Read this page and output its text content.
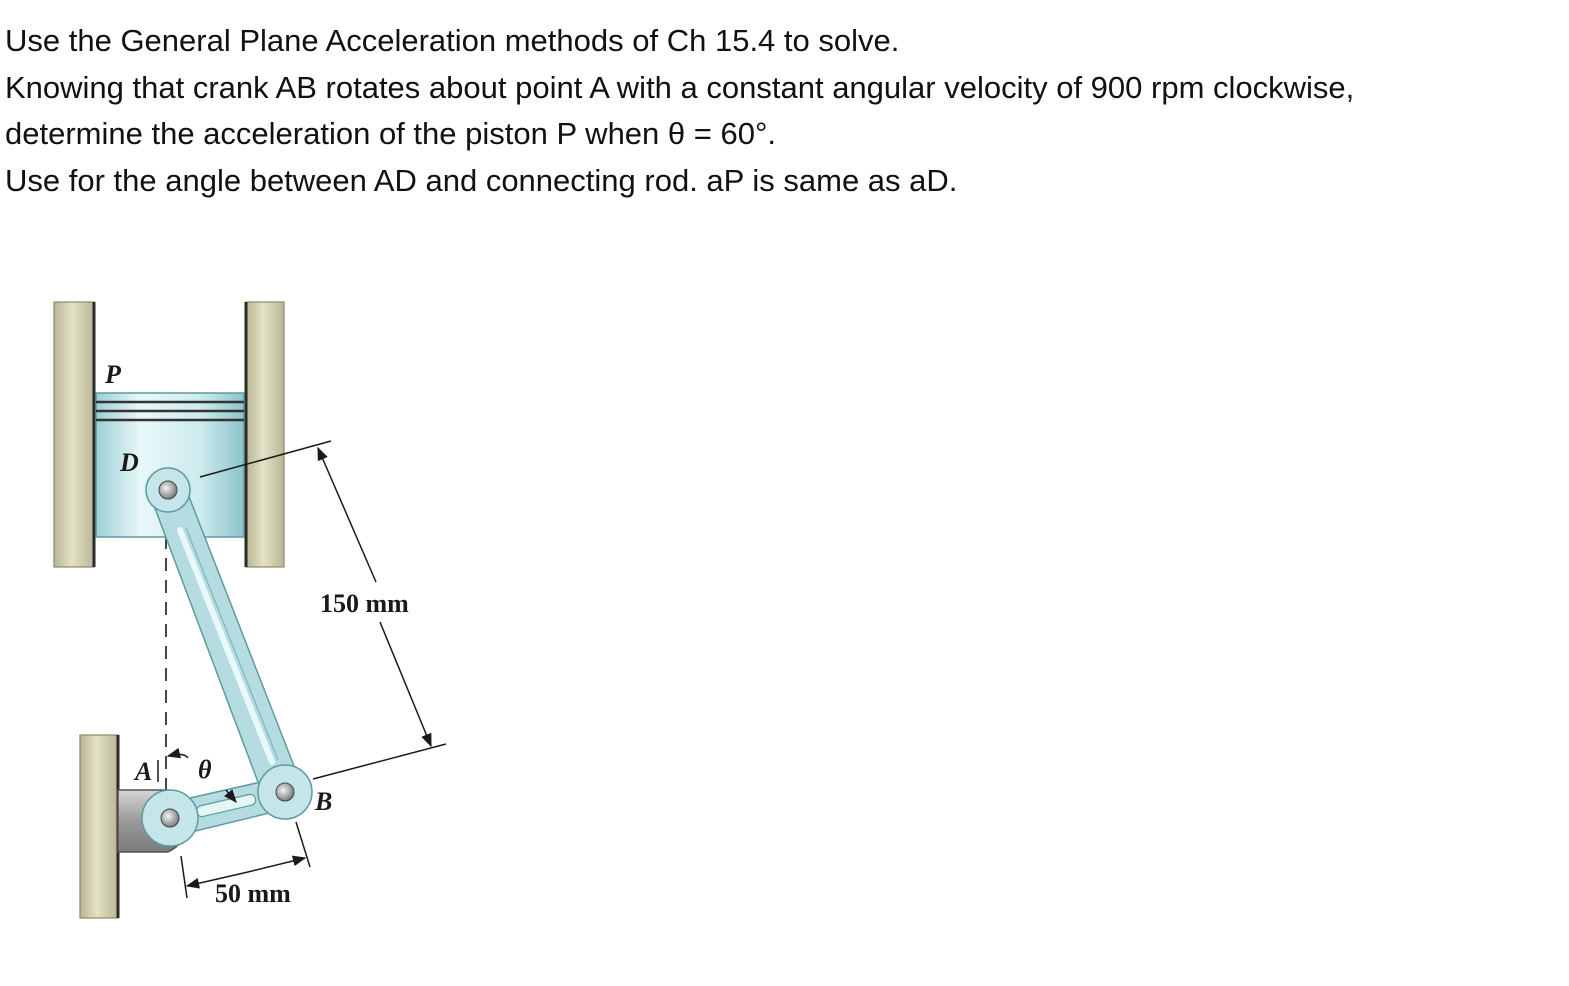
Use the General Plane Acceleration methods of Ch 15.4 to solve.

Knowing that crank AB rotates about point A with a constant angular velocity of 900 rpm clockwise,

determine the acceleration of the piston P when θ = 60°.

Use for the angle between AD and connecting rod. aP is same as aD.

P
D
A θ
B
150 mm
50 mm
